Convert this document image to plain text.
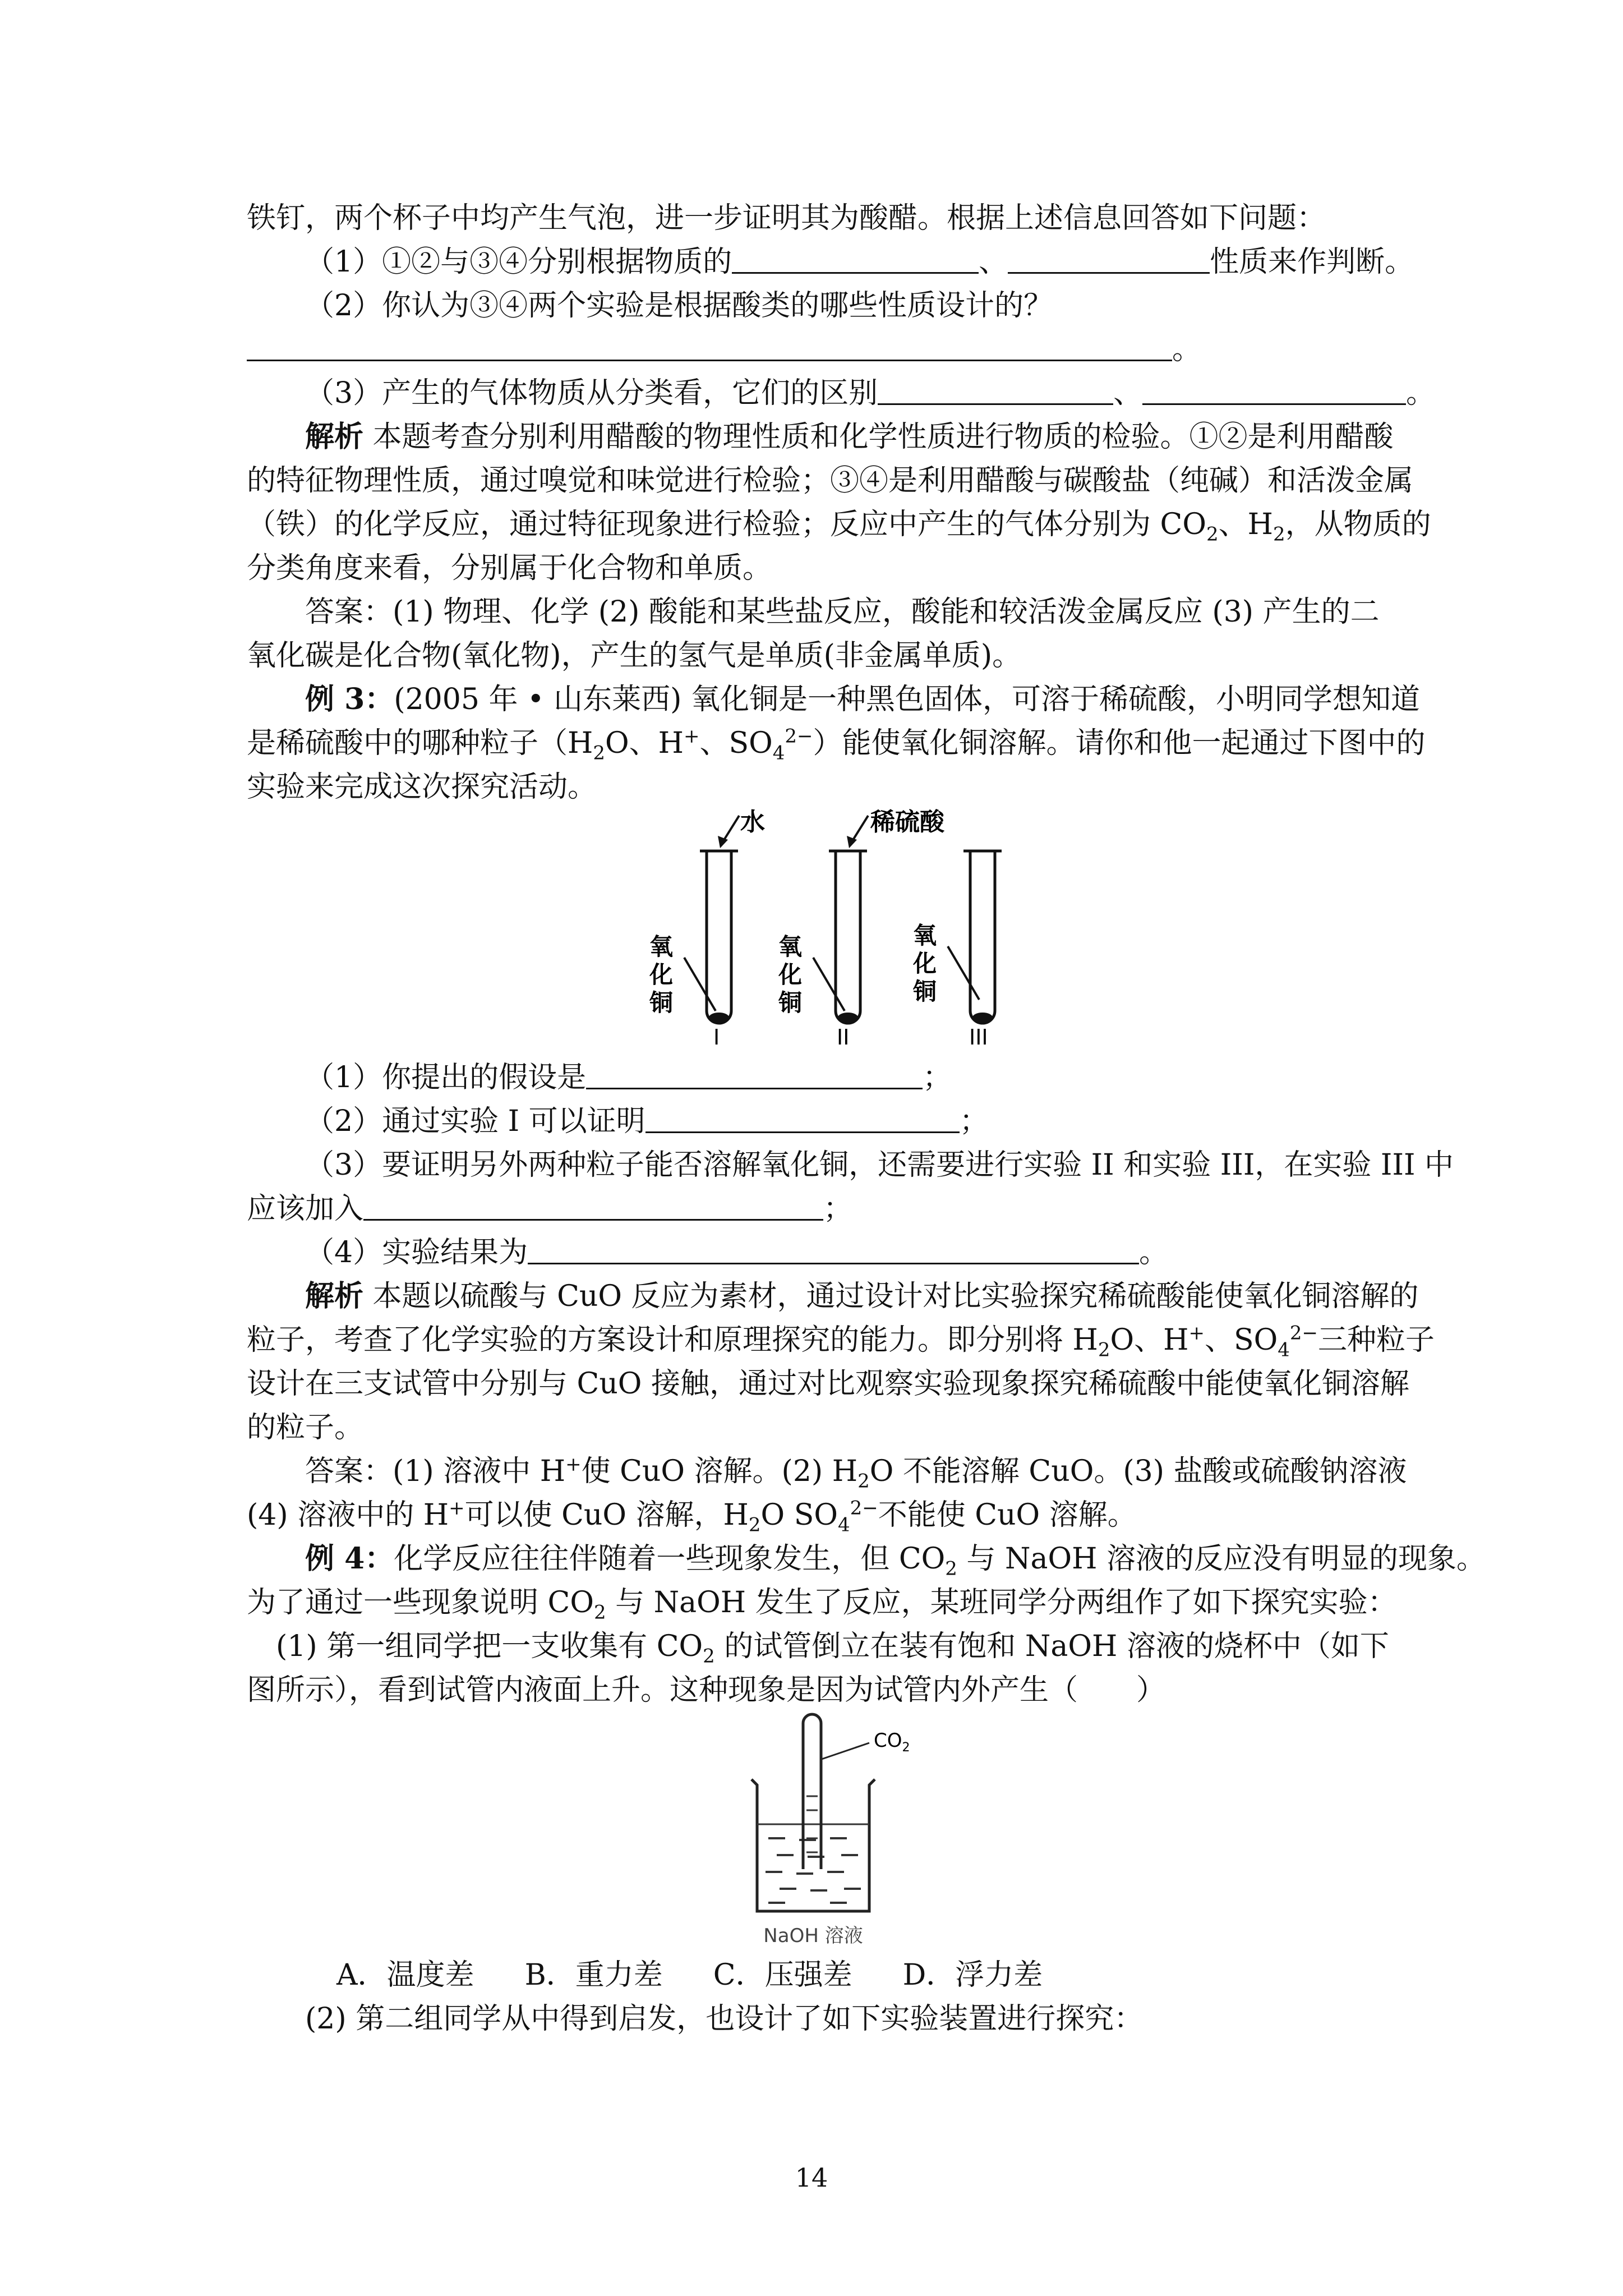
铁钉，两个杯子中均产生气泡，进一步证明其为酸醋。根据上述信息回答如下问题：

（1）①②与③④分别根据物质的	、	性质来作判断。

（2）你认为③④两个实验是根据酸类的哪些性质设计的？

。

（3）产生的气体物质从分类看，它们的区别	、	。

解析 本题考查分别利用醋酸的物理性质和化学性质进行物质的检验。①②是利用醋酸

的特征物理性质，通过嗅觉和味觉进行检验；③④是利用醋酸与碳酸盐（纯碱）和活泼金属

（铁）的化学反应，通过特征现象进行检验；反应中产生的气体分别为 $CO_2$、$H_2$，从物质的

分类角度来看，分别属于化合物和单质。

答案：(1) 物理、化学 (2) 酸能和某些盐反应，酸能和较活泼金属反应 (3) 产生的二

氧化碳是化合物(氧化物)，产生的氢气是单质(非金属单质)。

例 3：(2005 年 • 山东莱西) 氧化铜是一种黑色固体，可溶于稀硫酸，小明同学想知道

是稀硫酸中的哪种粒子（$H_2O$、H+、$SO_4^{2-}$）能使氧化铜溶解。请你和他一起通过下图中的

实验来完成这次探究活动。

水
氧
化
铜
I
稀硫酸
氧
化
铜
II
氧
化
铜
III

（1）你提出的假设是	；

（2）通过实验 I 可以证明	；

（3）要证明另外两种粒子能否溶解氧化铜，还需要进行实验 II 和实验 III，在实验 III 中

应该加入	；

（4）实验结果为	。

解析 本题以硫酸与 CuO 反应为素材，通过设计对比实验探究稀硫酸能使氧化铜溶解的

粒子，考查了化学实验的方案设计和原理探究的能力。即分别将 $H_2O$、H+、$SO_4^{2-}$三种粒子

设计在三支试管中分别与 CuO 接触，通过对比观察实验现象探究稀硫酸中能使氧化铜溶解

的粒子。

答案：(1) 溶液中 H+使 CuO 溶解。(2) $H_2O$ 不能溶解 CuO。(3) 盐酸或硫酸钠溶液

(4) 溶液中的 H+可以使 CuO 溶解，$H_2O$ $SO_4^{2-}$不能使 CuO 溶解。

例 4：化学反应往往伴随着一些现象发生，但 $CO_2$ 与 NaOH 溶液的反应没有明显的现象。

为了通过一些现象说明 $CO_2$ 与 NaOH 发生了反应，某班同学分两组作了如下探究实验：

(1) 第一组同学把一支收集有 $CO_2$ 的试管倒立在装有饱和 NaOH 溶液的烧杯中（如下

图所示），看到试管内液面上升。这种现象是因为试管内外产生（　　）

$CO_2$
NaOH 溶液
A．温度差 B．重力差 C．压强差 D．浮力差

(2) 第二组同学从中得到启发，也设计了如下实验装置进行探究：

14
